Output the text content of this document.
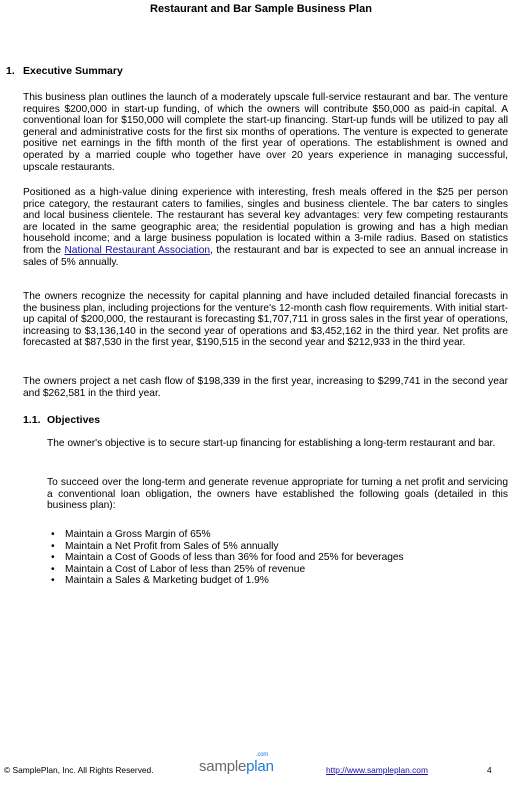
Restaurant and Bar Sample Business Plan
1. Executive Summary

This business plan outlines the launch of a moderately upscale full-service restaurant and bar. The venture requires $200,000 in start-up funding, of which the owners will contribute $50,000 as paid-in capital. A conventional loan for $150,000 will complete the start-up financing. Start-up funds will be utilized to pay all general and administrative costs for the first six months of operations. The venture is expected to generate positive net earnings in the fifth month of the first year of operations. The establishment is owned and operated by a married couple who together have over 20 years experience in managing successful, upscale restaurants.

Positioned as a high-value dining experience with interesting, fresh meals offered in the $25 per person price category, the restaurant caters to families, singles and business clientele. The bar caters to singles and local business clientele. The restaurant has several key advantages: very few competing restaurants are located in the same geographic area; the residential population is growing and has a high median household income; and a large business population is located within a 3-mile radius. Based on statistics from the National Restaurant Association, the restaurant and bar is expected to see an annual increase in sales of 5% annually.

The owners recognize the necessity for capital planning and have included detailed financial forecasts in the business plan, including projections for the venture's 12-month cash flow requirements. With initial start-up capital of $200,000, the restaurant is forecasting $1,707,711 in gross sales in the first year of operations, increasing to $3,136,140 in the second year of operations and $3,452,162 in the third year. Net profits are forecasted at $87,530 in the first year, $190,515 in the second year and $212,933 in the third year.

The owners project a net cash flow of $198,339 in the first year, increasing to $299,741 in the second year and $262,581 in the third year.

1.1. Objectives

The owner's objective is to secure start-up financing for establishing a long-term restaurant and bar.

To succeed over the long-term and generate revenue appropriate for turning a net profit and servicing a conventional loan obligation, the owners have established the following goals (detailed in this business plan):

• Maintain a Gross Margin of 65%
• Maintain a Net Profit from Sales of 5% annually
• Maintain a Cost of Goods of less than 36% for food and 25% for beverages
• Maintain a Cost of Labor of less than 25% of revenue
• Maintain a Sales & Marketing budget of 1.9%
© SamplePlan, Inc. All Rights Reserved.	sampleplan
.com
http://www.sampleplan.com	4
